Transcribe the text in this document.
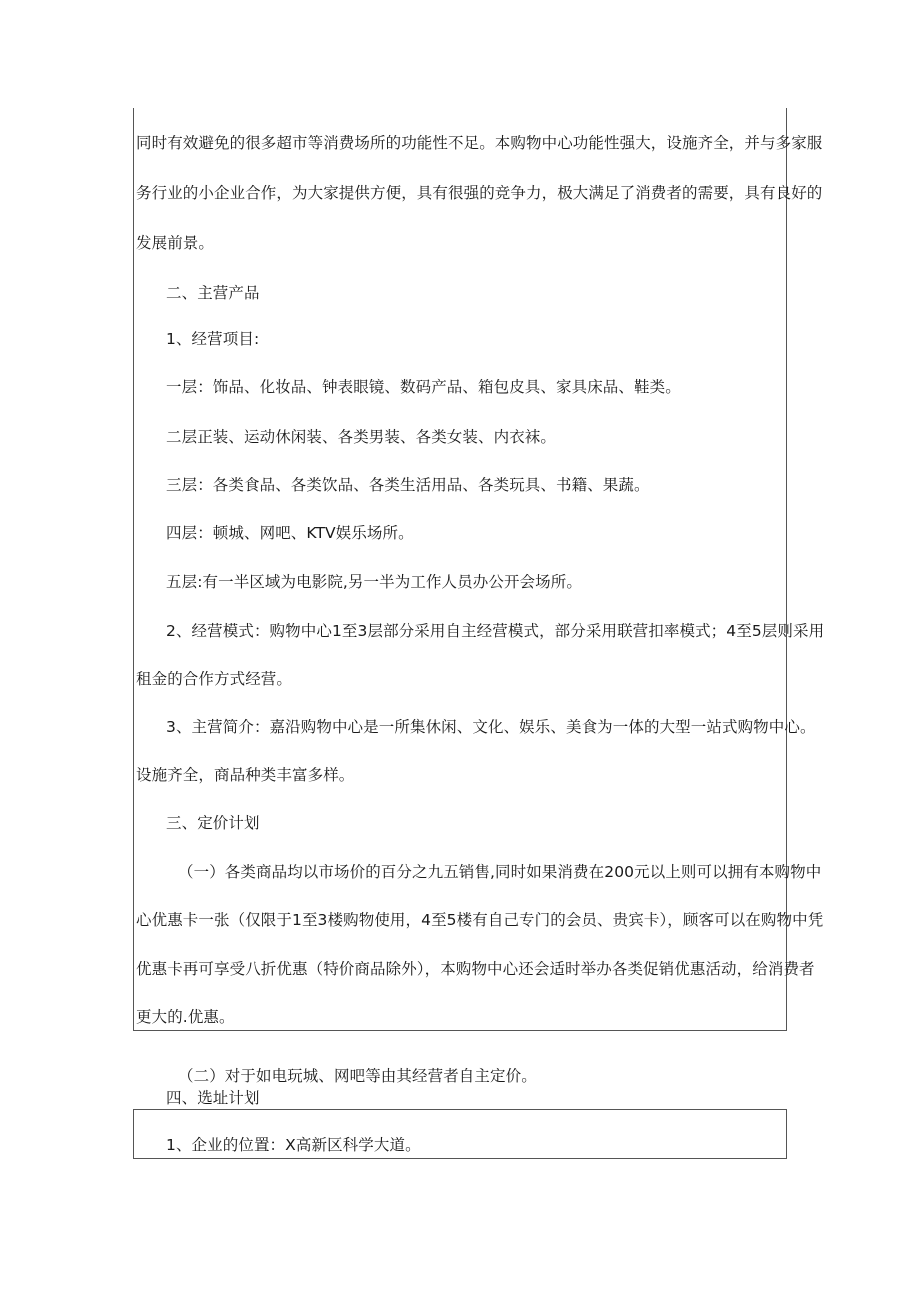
同时有效避免的很多超市等消费场所的功能性不足。本购物中心功能性强大，设施齐全，并与多家服
务行业的小企业合作，为大家提供方便，具有很强的竞争力，极大满足了消费者的需要，具有良好的
发展前景。
二、主营产品
1、经营项目:
一层：饰品、化妆品、钟表眼镜、数码产品、箱包皮具、家具床品、鞋类。
二层正装、运动休闲装、各类男装、各类女装、内衣袜。
三层：各类食品、各类饮品、各类生活用品、各类玩具、书籍、果蔬。
四层：顿城、网吧、KTV娱乐场所。
五层:有一半区域为电影院,另一半为工作人员办公开会场所。
2、经营模式：购物中心1至3层部分采用自主经营模式，部分采用联营扣率模式；4至5层则采用
租金的合作方式经营。
3、主营简介：嘉沿购物中心是一所集休闲、文化、娱乐、美食为一体的大型一站式购物中心。
设施齐全，商品种类丰富多样。
三、定价计划
（一）各类商品均以市场价的百分之九五销售,同时如果消费在200元以上则可以拥有本购物中
心优惠卡一张（仅限于1至3楼购物使用，4至5楼有自己专门的会员、贵宾卡），顾客可以在购物中凭
优惠卡再可享受八折优惠（特价商品除外），本购物中心还会适时举办各类促销优惠活动，给消费者
更大的.优惠。
（二）对于如电玩城、网吧等由其经营者自主定价。
四、选址计划
1、企业的位置：X高新区科学大道。
